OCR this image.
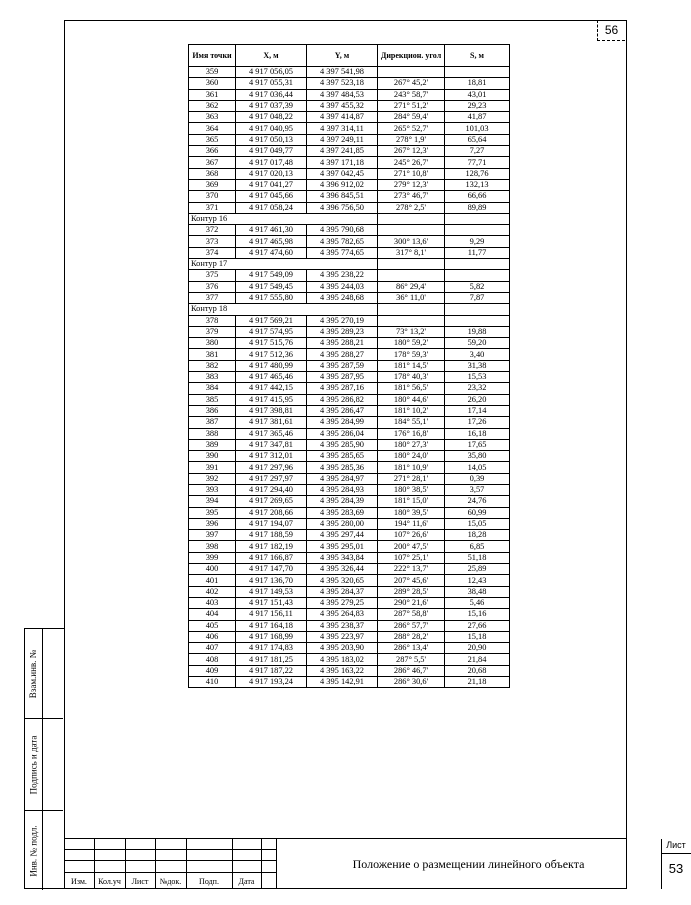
56
Взам.инв. №
Подпись и дата
Инв. № подл.
Имя точки	X, м	Y, м	Дирекцион. угол	S, м
359	4 917 056,05	4 397 541,98		
360	4 917 055,31	4 397 523,18	267° 45,2'	18,81
361	4 917 036,44	4 397 484,53	243° 58,7'	43,01
362	4 917 037,39	4 397 455,32	271° 51,2'	29,23
363	4 917 048,22	4 397 414,87	284° 59,4'	41,87
364	4 917 040,95	4 397 314,11	265° 52,7'	101,03
365	4 917 050,13	4 397 249,11	278° 1,9'	65,64
366	4 917 049,77	4 397 241,85	267° 12,3'	7,27
367	4 917 017,48	4 397 171,18	245° 26,7'	77,71
368	4 917 020,13	4 397 042,45	271° 10,8'	128,76
369	4 917 041,27	4 396 912,02	279° 12,3'	132,13
370	4 917 045,66	4 396 845,51	273° 46,7'	66,66
371	4 917 058,24	4 396 756,50	278° 2,5'	89,89
Контур 16				
372	4 917 461,30	4 395 790,68		
373	4 917 465,98	4 395 782,65	300° 13,6'	9,29
374	4 917 474,60	4 395 774,65	317° 8,1'	11,77
Контур 17				
375	4 917 549,09	4 395 238,22		
376	4 917 549,45	4 395 244,03	86° 29,4'	5,82
377	4 917 555,80	4 395 248,68	36° 11,0'	7,87
Контур 18				
378	4 917 569,21	4 395 270,19		
379	4 917 574,95	4 395 289,23	73° 13,2'	19,88
380	4 917 515,76	4 395 288,21	180° 59,2'	59,20
381	4 917 512,36	4 395 288,27	178° 59,3'	3,40
382	4 917 480,99	4 395 287,59	181° 14,5'	31,38
383	4 917 465,46	4 395 287,95	178° 40,3'	15,53
384	4 917 442,15	4 395 287,16	181° 56,5'	23,32
385	4 917 415,95	4 395 286,82	180° 44,6'	26,20
386	4 917 398,81	4 395 286,47	181° 10,2'	17,14
387	4 917 381,61	4 395 284,99	184° 55,1'	17,26
388	4 917 365,46	4 395 286,04	176° 16,8'	16,18
389	4 917 347,81	4 395 285,90	180° 27,3'	17,65
390	4 917 312,01	4 395 285,65	180° 24,0'	35,80
391	4 917 297,96	4 395 285,36	181° 10,9'	14,05
392	4 917 297,97	4 395 284,97	271° 28,1'	0,39
393	4 917 294,40	4 395 284,93	180° 38,5'	3,57
394	4 917 269,65	4 395 284,39	181° 15,0'	24,76
395	4 917 208,66	4 395 283,69	180° 39,5'	60,99
396	4 917 194,07	4 395 280,00	194° 11,6'	15,05
397	4 917 188,59	4 395 297,44	107° 26,6'	18,28
398	4 917 182,19	4 395 295,01	200° 47,5'	6,85
399	4 917 166,87	4 395 343,84	107° 25,1'	51,18
400	4 917 147,70	4 395 326,44	222° 13,7'	25,89
401	4 917 136,70	4 395 320,65	207° 45,6'	12,43
402	4 917 149,53	4 395 284,37	289° 28,5'	38,48
403	4 917 151,43	4 395 279,25	290° 21,6'	5,46
404	4 917 156,11	4 395 264,83	287° 58,8'	15,16
405	4 917 164,18	4 395 238,37	286° 57,7'	27,66
406	4 917 168,99	4 395 223,97	288° 28,2'	15,18
407	4 917 174,83	4 395 203,90	286° 13,4'	20,90
408	4 917 181,25	4 395 183,02	287° 5,5'	21,84
409	4 917 187,22	4 395 163,22	286° 46,7'	20,68
410	4 917 193,24	4 395 142,91	286° 30,6'	21,18
Изм.	Кол.уч	Лист	№док.	Подп.	Дата
Положение о размещении линейного объекта
Лист
53
